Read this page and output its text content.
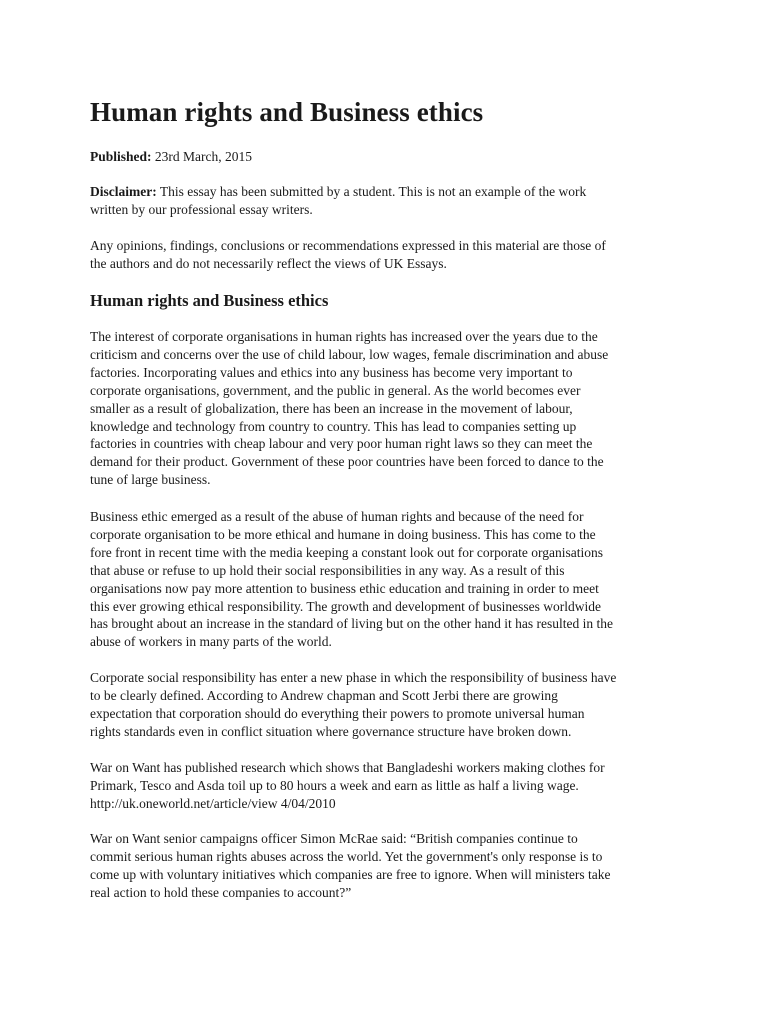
Human rights and Business ethics

Published: 23rd March, 2015

Disclaimer: This essay has been submitted by a student. This is not an example of the work
written by our professional essay writers.

Any opinions, findings, conclusions or recommendations expressed in this material are those of
the authors and do not necessarily reflect the views of UK Essays.

Human rights and Business ethics

The interest of corporate organisations in human rights has increased over the years due to the
criticism and concerns over the use of child labour, low wages, female discrimination and abuse
factories. Incorporating values and ethics into any business has become very important to
corporate organisations, government, and the public in general. As the world becomes ever
smaller as a result of globalization, there has been an increase in the movement of labour,
knowledge and technology from country to country. This has lead to companies setting up
factories in countries with cheap labour and very poor human right laws so they can meet the
demand for their product. Government of these poor countries have been forced to dance to the
tune of large business.

Business ethic emerged as a result of the abuse of human rights and because of the need for
corporate organisation to be more ethical and humane in doing business. This has come to the
fore front in recent time with the media keeping a constant look out for corporate organisations
that abuse or refuse to up hold their social responsibilities in any way. As a result of this
organisations now pay more attention to business ethic education and training in order to meet
this ever growing ethical responsibility. The growth and development of businesses worldwide
has brought about an increase in the standard of living but on the other hand it has resulted in the
abuse of workers in many parts of the world.

Corporate social responsibility has enter a new phase in which the responsibility of business have
to be clearly defined. According to Andrew chapman and Scott Jerbi there are growing
expectation that corporation should do everything their powers to promote universal human
rights standards even in conflict situation where governance structure have broken down.

War on Want has published research which shows that Bangladeshi workers making clothes for
Primark, Tesco and Asda toil up to 80 hours a week and earn as little as half a living wage.
http://uk.oneworld.net/article/view 4/04/2010

War on Want senior campaigns officer Simon McRae said: “British companies continue to
commit serious human rights abuses across the world. Yet the government's only response is to
come up with voluntary initiatives which companies are free to ignore. When will ministers take
real action to hold these companies to account?”
